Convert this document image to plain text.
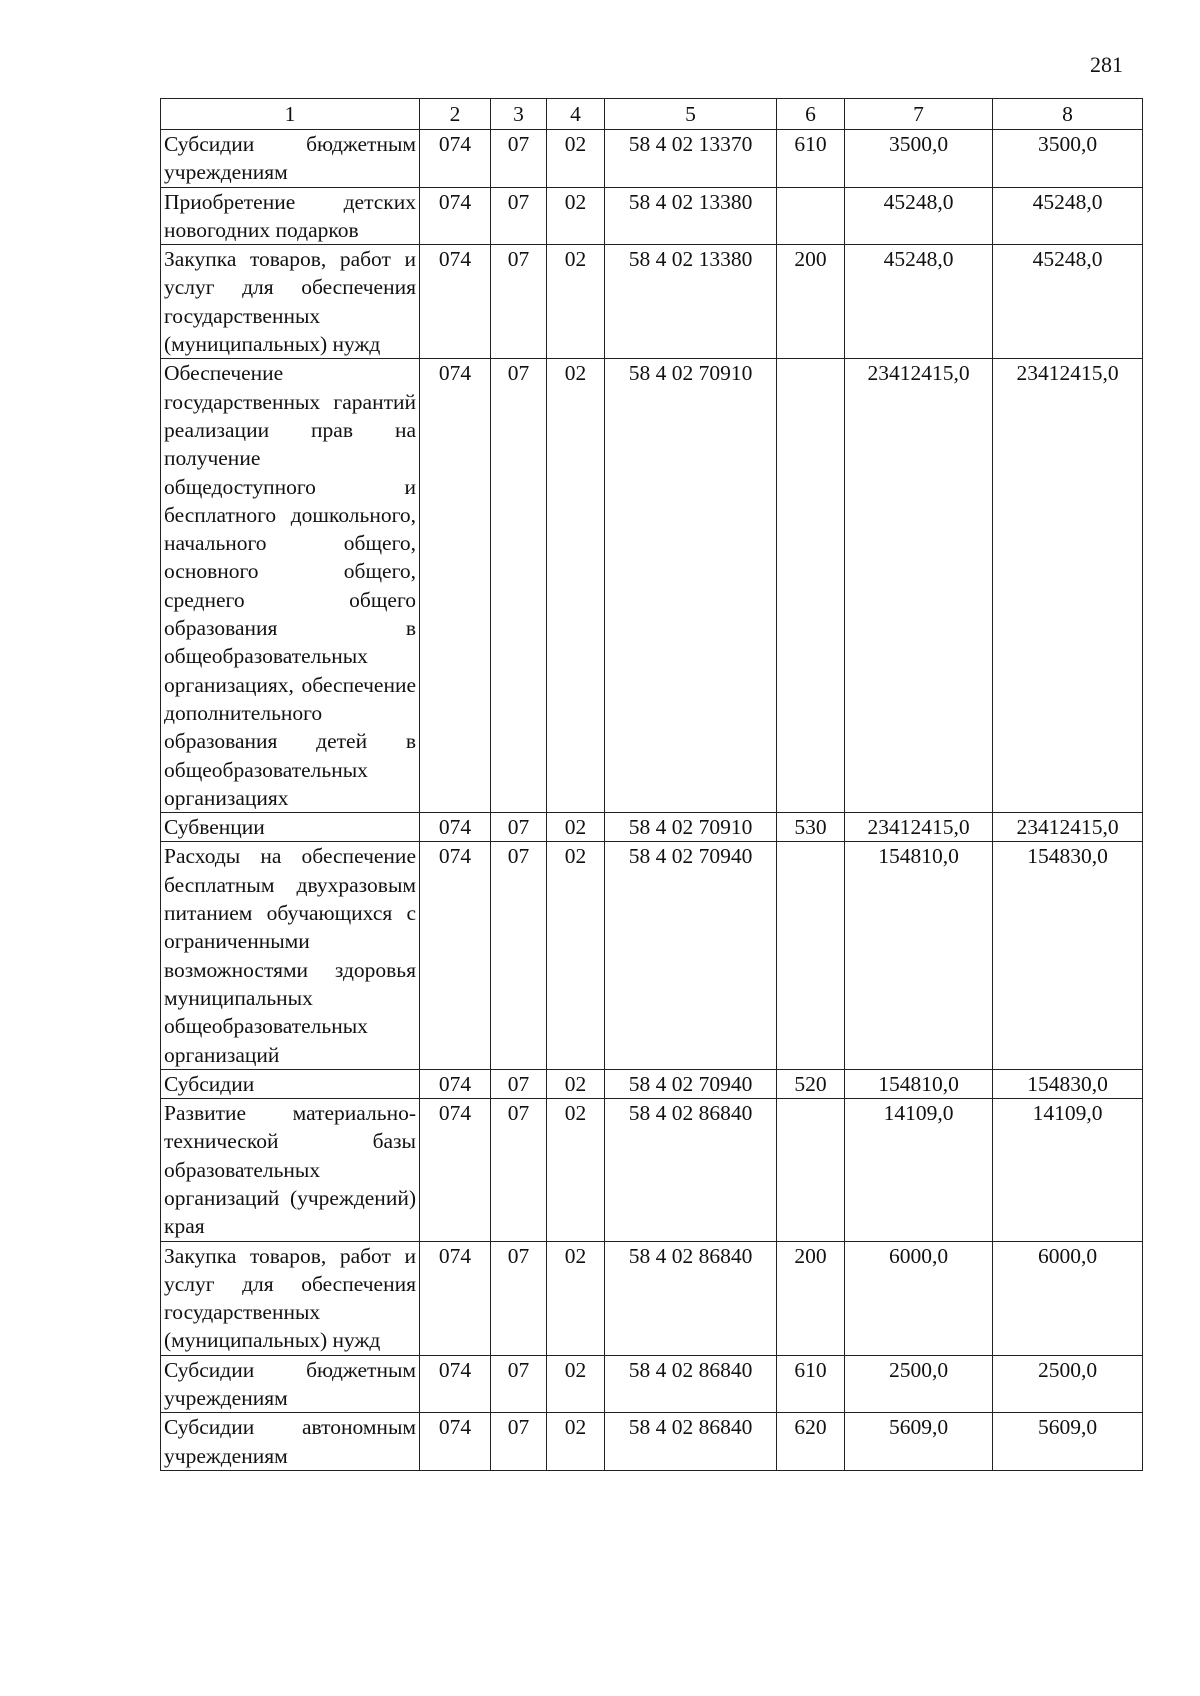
281
1	2	3	4	5	6	7	8
Субсидии бюджетным учреждениям	074	07	02	58 4 02 13370	610	3500,0	3500,0
Приобретение детских новогодних подарков	074	07	02	58 4 02 13380		45248,0	45248,0
Закупка товаров, работ и услуг для обеспечения государственных (муниципальных) нужд	074	07	02	58 4 02 13380	200	45248,0	45248,0
Обеспечение государственных гарантий реализации прав на получение общедоступного и бесплатного дошкольного, начального общего, основного общего, среднего общего образования в общеобразовательных организациях, обеспечение дополнительного образования детей в общеобразовательных организациях	074	07	02	58 4 02 70910		23412415,0	23412415,0
Субвенции	074	07	02	58 4 02 70910	530	23412415,0	23412415,0
Расходы на обеспечение бесплатным двухразовым питанием обучающихся с ограниченными возможностями здоровья муниципальных общеобразовательных организаций	074	07	02	58 4 02 70940		154810,0	154830,0
Субсидии	074	07	02	58 4 02 70940	520	154810,0	154830,0
Развитие материально-технической базы образовательных организаций (учреждений) края	074	07	02	58 4 02 86840		14109,0	14109,0
Закупка товаров, работ и услуг для обеспечения государственных (муниципальных) нужд	074	07	02	58 4 02 86840	200	6000,0	6000,0
Субсидии бюджетным учреждениям	074	07	02	58 4 02 86840	610	2500,0	2500,0
Субсидии автономным учреждениям	074	07	02	58 4 02 86840	620	5609,0	5609,0
